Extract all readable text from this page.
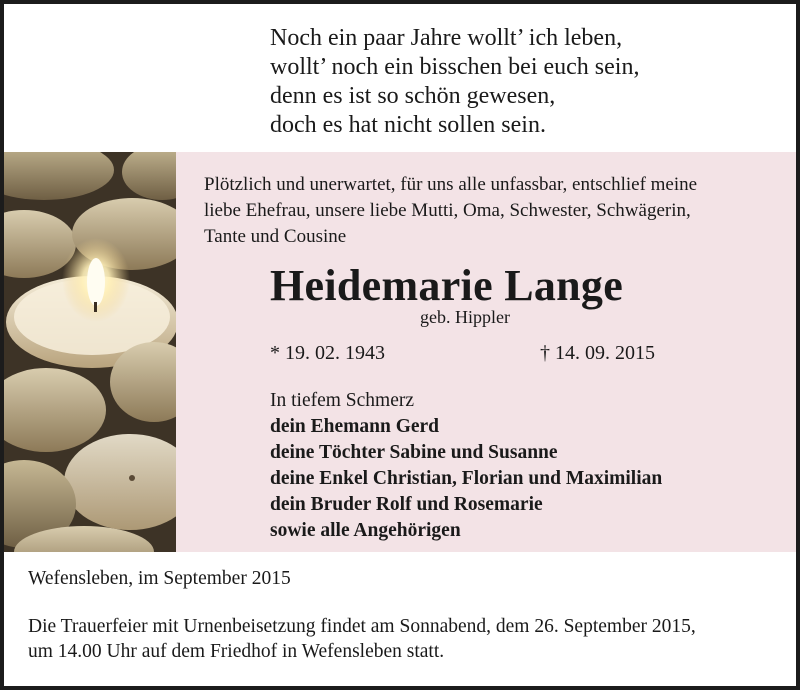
Noch ein paar Jahre wollt’ ich leben,
wollt’ noch ein bisschen bei euch sein,
denn es ist so schön gewesen,
doch es hat nicht sollen sein.
Plötzlich und unerwartet, für uns alle unfassbar, entschlief meine
liebe Ehefrau, unsere liebe Mutti, Oma, Schwester, Schwägerin,
Tante und Cousine
Heidemarie Lange
geb. Hippler
* 19. 02. 1943	† 14. 09. 2015
In tiefem Schmerz
dein Ehemann Gerd
deine Töchter Sabine und Susanne
deine Enkel Christian, Florian und Maximilian
dein Bruder Rolf und Rosemarie
sowie alle Angehörigen
Wefensleben, im September 2015
Die Trauerfeier mit Urnenbeisetzung findet am Sonnabend, dem 26. September 2015,
um 14.00 Uhr auf dem Friedhof in Wefensleben statt.
